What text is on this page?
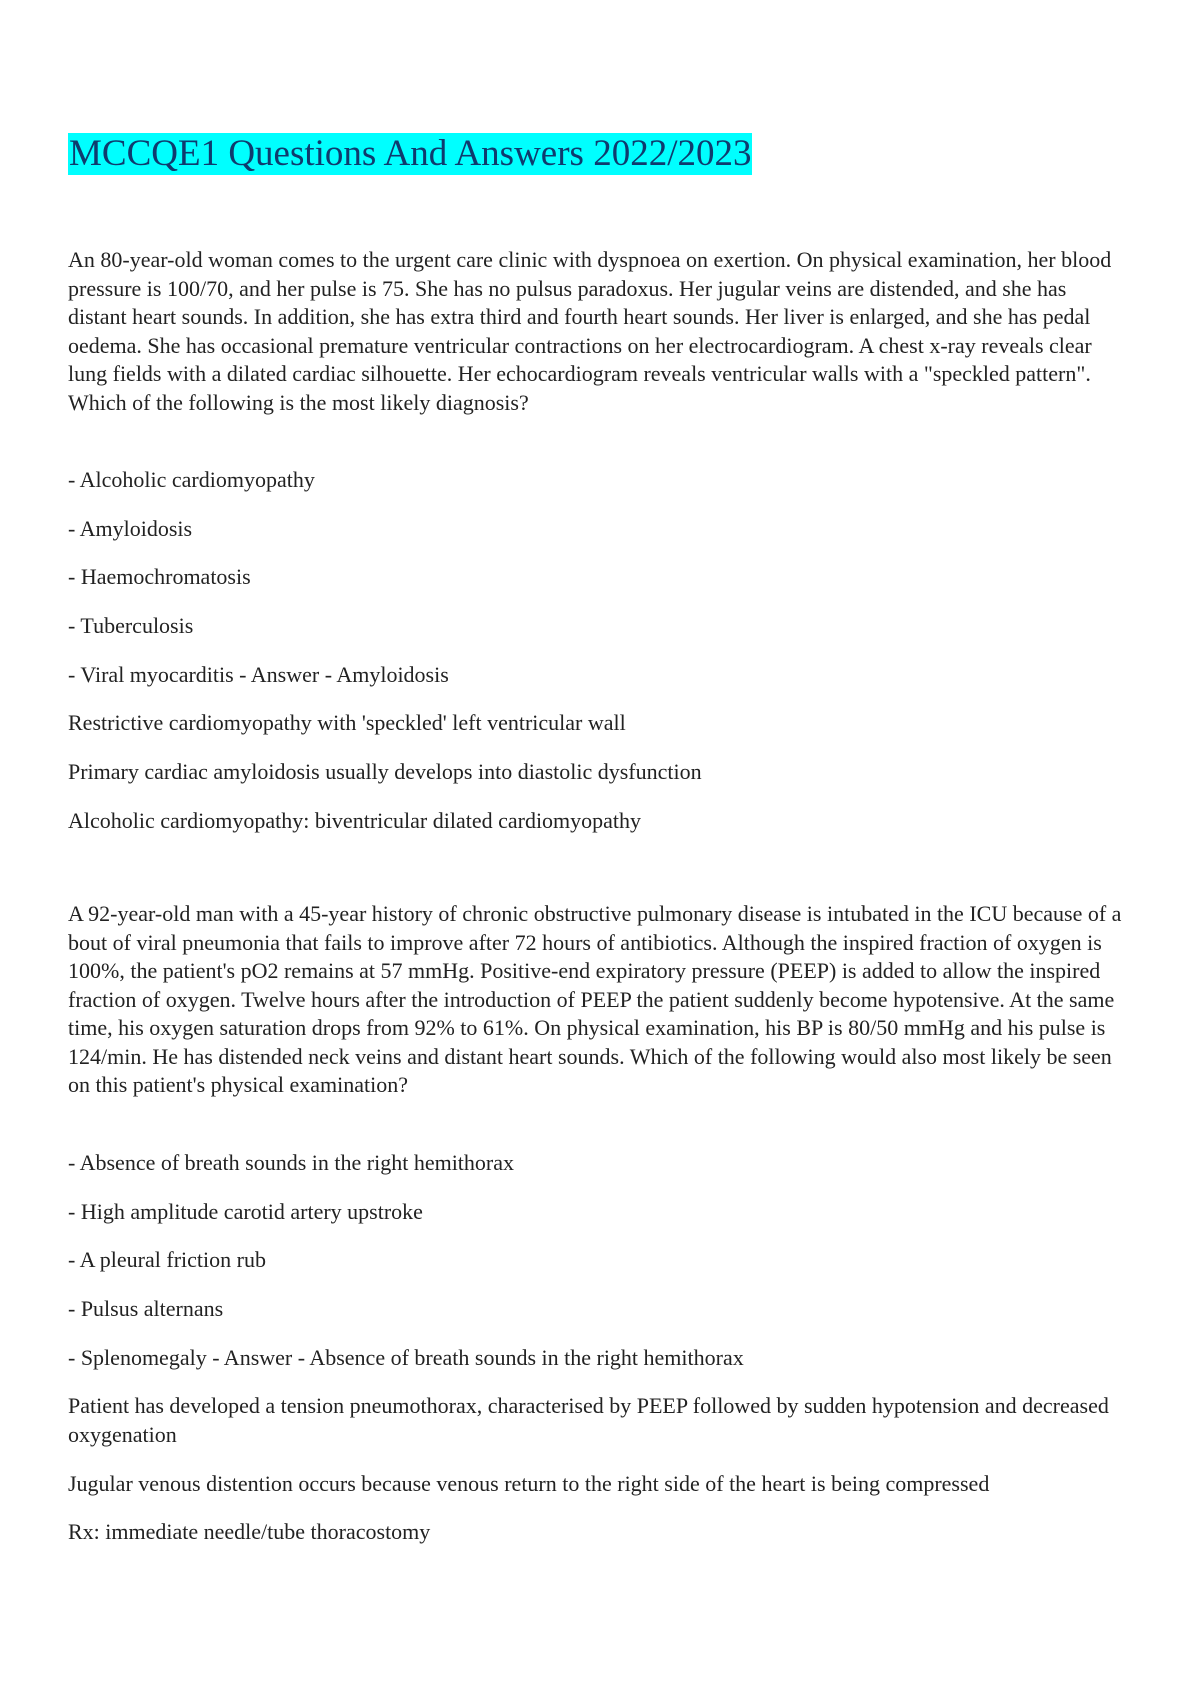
MCCQE1 Questions And Answers 2022/2023

An 80-year-old woman comes to the urgent care clinic with dyspnoea on exertion. On physical examination, her blood pressure is 100/70, and her pulse is 75. She has no pulsus paradoxus. Her jugular veins are distended, and she has distant heart sounds. In addition, she has extra third and fourth heart sounds. Her liver is enlarged, and she has pedal oedema. She has occasional premature ventricular contractions on her electrocardiogram. A chest x-ray reveals clear lung fields with a dilated cardiac silhouette. Her echocardiogram reveals ventricular walls with a "speckled pattern". Which of the following is the most likely diagnosis?

- Alcoholic cardiomyopathy

- Amyloidosis

- Haemochromatosis

- Tuberculosis

- Viral myocarditis - Answer - Amyloidosis

Restrictive cardiomyopathy with 'speckled' left ventricular wall

Primary cardiac amyloidosis usually develops into diastolic dysfunction

Alcoholic cardiomyopathy: biventricular dilated cardiomyopathy

A 92-year-old man with a 45-year history of chronic obstructive pulmonary disease is intubated in the ICU because of a bout of viral pneumonia that fails to improve after 72 hours of antibiotics. Although the inspired fraction of oxygen is 100%, the patient's pO2 remains at 57 mmHg. Positive-end expiratory pressure (PEEP) is added to allow the inspired fraction of oxygen. Twelve hours after the introduction of PEEP the patient suddenly become hypotensive. At the same time, his oxygen saturation drops from 92% to 61%. On physical examination, his BP is 80/50 mmHg and his pulse is 124/min. He has distended neck veins and distant heart sounds. Which of the following would also most likely be seen on this patient's physical examination?

- Absence of breath sounds in the right hemithorax

- High amplitude carotid artery upstroke

- A pleural friction rub

- Pulsus alternans

- Splenomegaly - Answer - Absence of breath sounds in the right hemithorax

Patient has developed a tension pneumothorax, characterised by PEEP followed by sudden hypotension and decreased oxygenation

Jugular venous distention occurs because venous return to the right side of the heart is being compressed

Rx: immediate needle/tube thoracostomy
